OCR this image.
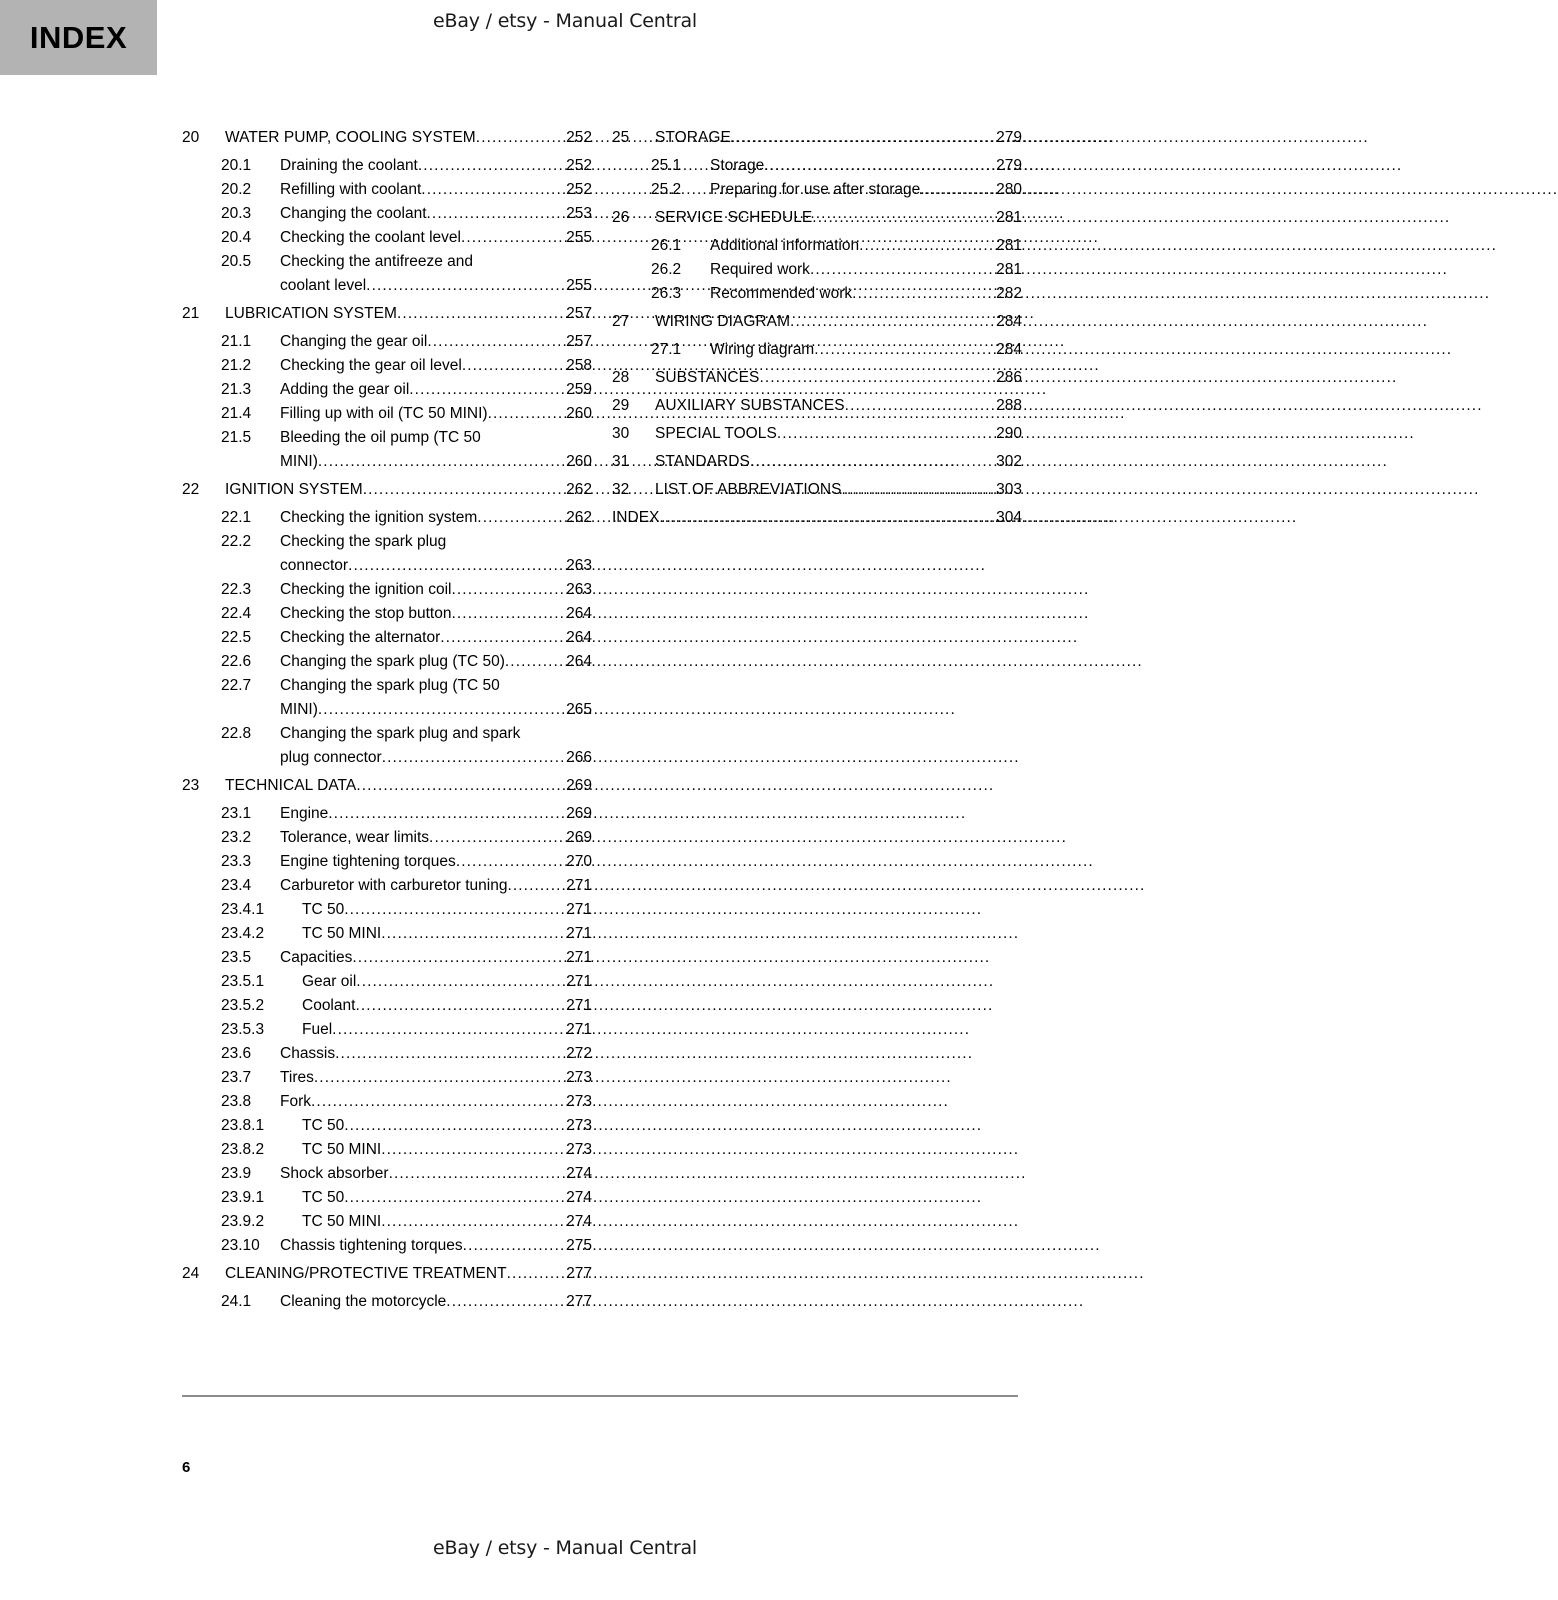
INDEX	eBay / etsy - Manual Central
20	WATER PUMP, COOLING SYSTEM .....	252
20.1	Draining the coolant .....	252
20.2	Refilling with coolant .....	252
20.3	Changing the coolant .....	253
20.4	Checking the coolant level .....	255
20.5	Checking the antifreeze and
coolant level .....	255
21	LUBRICATION SYSTEM .....	257
21.1	Changing the gear oil .....	257
21.2	Checking the gear oil level .....	258
21.3	Adding the gear oil .....	259
21.4	Filling up with oil (TC 50 MINI) .....	260
21.5	Bleeding the oil pump (TC 50
MINI) .....	260
22	IGNITION SYSTEM .....	262
22.1	Checking the ignition system .....	262
22.2	Checking the spark plug
connector .....	263
22.3	Checking the ignition coil .....	263
22.4	Checking the stop button .....	264
22.5	Checking the alternator .....	264
22.6	Changing the spark plug (TC 50) .....	264
22.7	Changing the spark plug (TC 50
MINI) .....	265
22.8	Changing the spark plug and spark
plug connector .....	266
23	TECHNICAL DATA .....	269
23.1	Engine .....	269
23.2	Tolerance, wear limits .....	269
23.3	Engine tightening torques .....	270
23.4	Carburetor with carburetor tuning .....	271
23.4.1	TC 50 .....	271
23.4.2	TC 50 MINI .....	271
23.5	Capacities .....	271
23.5.1	Gear oil .....	271
23.5.2	Coolant .....	271
23.5.3	Fuel .....	271
23.6	Chassis .....	272
23.7	Tires .....	273
23.8	Fork .....	273
23.8.1	TC 50 .....	273
23.8.2	TC 50 MINI .....	273
23.9	Shock absorber .....	274
23.9.1	TC 50 .....	274
23.9.2	TC 50 MINI .....	274
23.10	Chassis tightening torques .....	275
24	CLEANING/PROTECTIVE TREATMENT .....	277
24.1	Cleaning the motorcycle .....	277
25	STORAGE .....	279
25.1	Storage .....	279
25.2	Preparing for use after storage .....	280
26	SERVICE SCHEDULE .....	281
26.1	Additional information .....	281
26.2	Required work .....	281
26.3	Recommended work .....	282
27	WIRING DIAGRAM .....	284
27.1	Wiring diagram .....	284
28	SUBSTANCES .....	286
29	AUXILIARY SUBSTANCES .....	288
30	SPECIAL TOOLS .....	290
31	STANDARDS .....	302
32	LIST OF ABBREVIATIONS .....	303
INDEX .....	304
6
eBay / etsy - Manual Central
